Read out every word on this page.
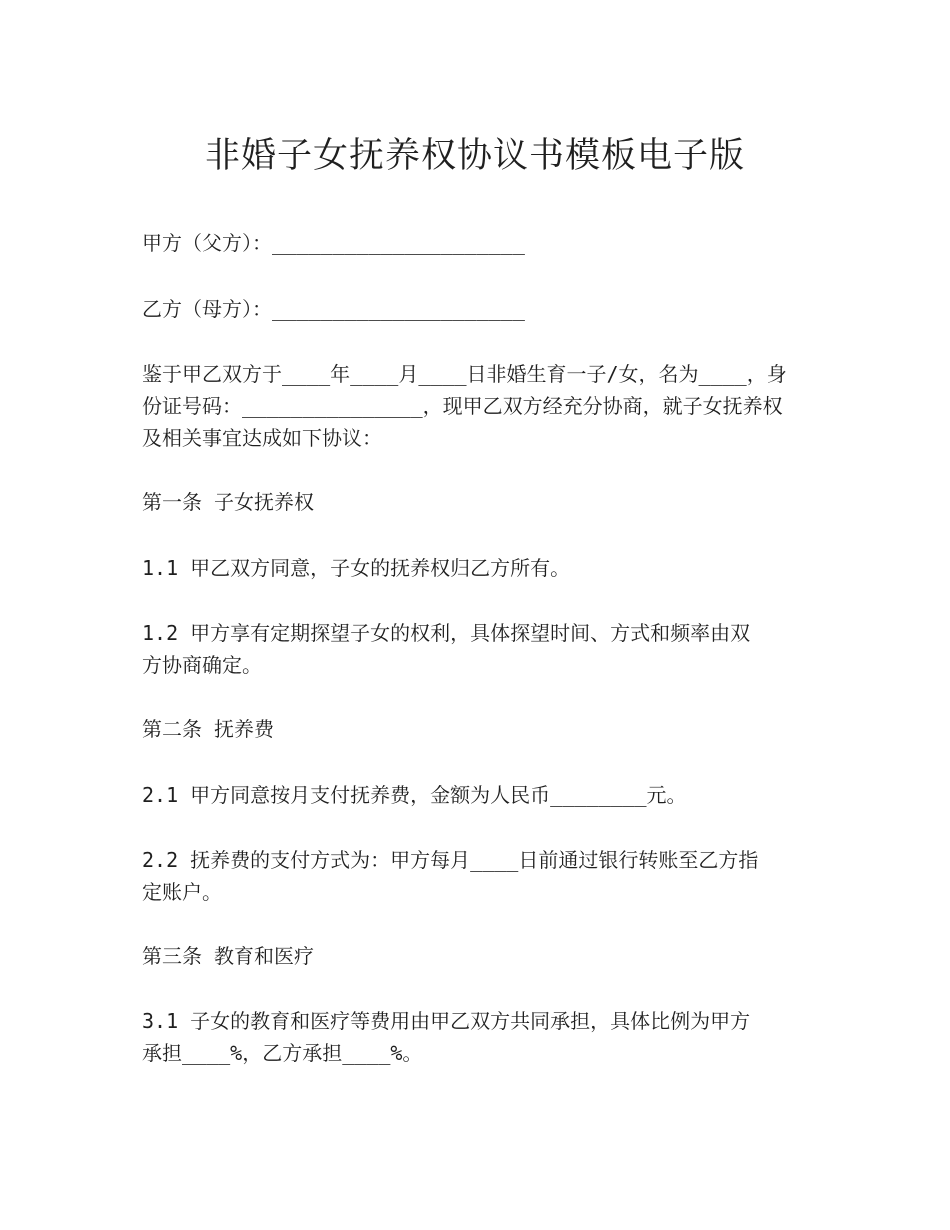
非婚子女抚养权协议书模板电子版

甲方（父方）：_____________________

乙方（母方）：_____________________

鉴于甲乙双方于____年____月____日非婚生育一子/女，名为____，身

份证号码：_______________，现甲乙双方经充分协商，就子女抚养权

及相关事宜达成如下协议：

第一条 子女抚养权

1.1 甲乙双方同意，子女的抚养权归乙方所有。

1.2 甲方享有定期探望子女的权利，具体探望时间、方式和频率由双

方协商确定。

第二条 抚养费

2.1 甲方同意按月支付抚养费，金额为人民币________元。

2.2 抚养费的支付方式为：甲方每月____日前通过银行转账至乙方指

定账户。

第三条 教育和医疗

3.1 子女的教育和医疗等费用由甲乙双方共同承担，具体比例为甲方

承担____%，乙方承担____%。
